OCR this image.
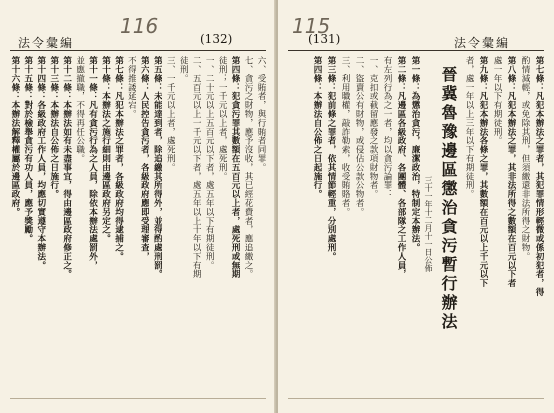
116
法令彙編	(132)
六、受賄者，與行賄者同罪。
七、貪污之財物，應予沒收，其已經花費者，應追繳之。
第四條：犯貪污罪其數額在五百元以上者，處死刑或無期
徒刑；一千元以上者，處死刑。
一、二十元以上五百元以下者，處五年以下有期徒刑。
二、五百元以上一千元以下者，處五年以上十年以下有期
徒刑。
三、一千元以上者，處死刑。
第五條：未能達到者，除追繳其所得外，並得酌處刑罰。
第六條：人民控告貪污者，各級政府應即受理審查，
不得推諉延宕。
第七條：凡犯本辦法之罪者，各級政府均得逮捕之。
第十條：本辦法之施行細則由邊區政府另定之。
第十一條：凡有貪污行為之人員，除依本辦法處罰外，
並應撤職，不得再任公職。
第十二條：本辦法如有未盡事宜，得由邊區政府修正之。
第十三條：本辦法自公佈之日施行。
第十四條：各級政府工作人員，均應切實遵守本辦法。
第十五條：對於檢舉貪污有功人員，應予獎勵。
第十六條：本辦法解釋權屬於邊區政府。
115
(131)	法令彙編
第七條：凡犯本辦法之罪者，其犯罪情形輕微或係初犯者，得
酌情減輕，或免除其刑，但須繳還非法所得之財物。
第八條：凡犯本辦法之罪，其非法所得之數額在百元以下者
處一年以下有期徒刑。
第九條：凡犯本辦法各條之罪，其數額在百元以上千元以下
者，處一年以上三年以下有期徒刑。
晉冀魯豫邊區懲治貪污暫行辦法
三十一年十二月十一日公佈
第一條：為懲治貪污，廉潔政治，特制定本辦法。
第二條：凡邊區各級政府、各團體、各部隊之工作人員，
有左列行為之一者，均以貪污論罪：
一、克扣或截留應發之款項財物者。
二、盜賣公有財物，或侵佔公款公物者。
三、利用職權，敲詐勒索，收受賄賂者。
第三條：犯前條之罪者，依其情節輕重，分別處刑。
第四條：本辦法自公佈之日起施行。
